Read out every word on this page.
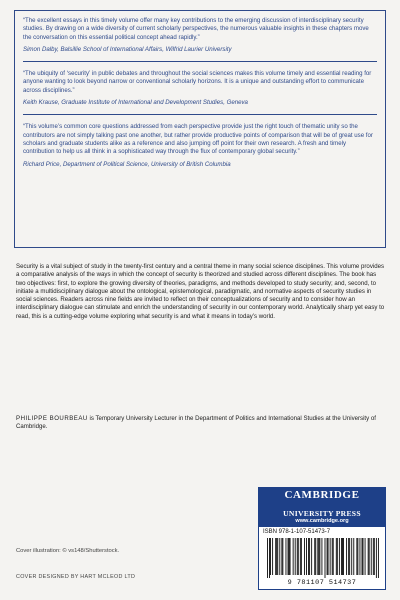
“The excellent essays in this timely volume offer many key contributions to the emerging discussion of interdisciplinary security studies. By drawing on a wide diversity of current scholarly perspectives, the numerous valuable insights in these chapters move the conversation on this essential political concept ahead rapidly.”

Simon Dalby, Balsillie School of International Affairs, Wilfrid Laurier University

“The ubiquity of ‘security’ in public debates and throughout the social sciences makes this volume timely and essential reading for anyone wanting to look beyond narrow or conventional scholarly horizons. It is a unique and outstanding effort to communicate across disciplines.”

Keith Krause, Graduate Institute of International and Development Studies, Geneva

“This volume’s common core questions addressed from each perspective provide just the right touch of thematic unity so the contributors are not simply talking past one another, but rather provide productive points of comparison that will be of great use for scholars and graduate students alike as a reference and also jumping off point for their own research. A fresh and timely contribution to help us all think in a sophisticated way through the flux of contemporary global security.”

Richard Price, Department of Political Science, University of British Columbia

Security is a vital subject of study in the twenty-first century and a central theme in many social science disciplines. This volume provides a comparative analysis of the ways in which the concept of security is theorized and studied across different disciplines. The book has two objectives: first, to explore the growing diversity of theories, paradigms, and methods developed to study security; and, second, to initiate a multidisciplinary dialogue about the ontological, epistemological, paradigmatic, and normative aspects of security studies in social sciences. Readers across nine fields are invited to reflect on their conceptualizations of security and to consider how an interdisciplinary dialogue can stimulate and enrich the understanding of security in our contemporary world. Analytically sharp yet easy to read, this is a cutting-edge volume exploring what security is and what it means in today’s world.

PHILIPPE BOURBEAU is Temporary University Lecturer in the Department of Politics and International Studies at the University of Cambridge.

CAMBRIDGE
UNIVERSITY PRESS
www.cambridge.org
ISBN 978-1-107-51473-7
9 781107 514737

Cover illustration: © vs148/Shutterstock.

COVER DESIGNED BY HART MCLEOD LTD
